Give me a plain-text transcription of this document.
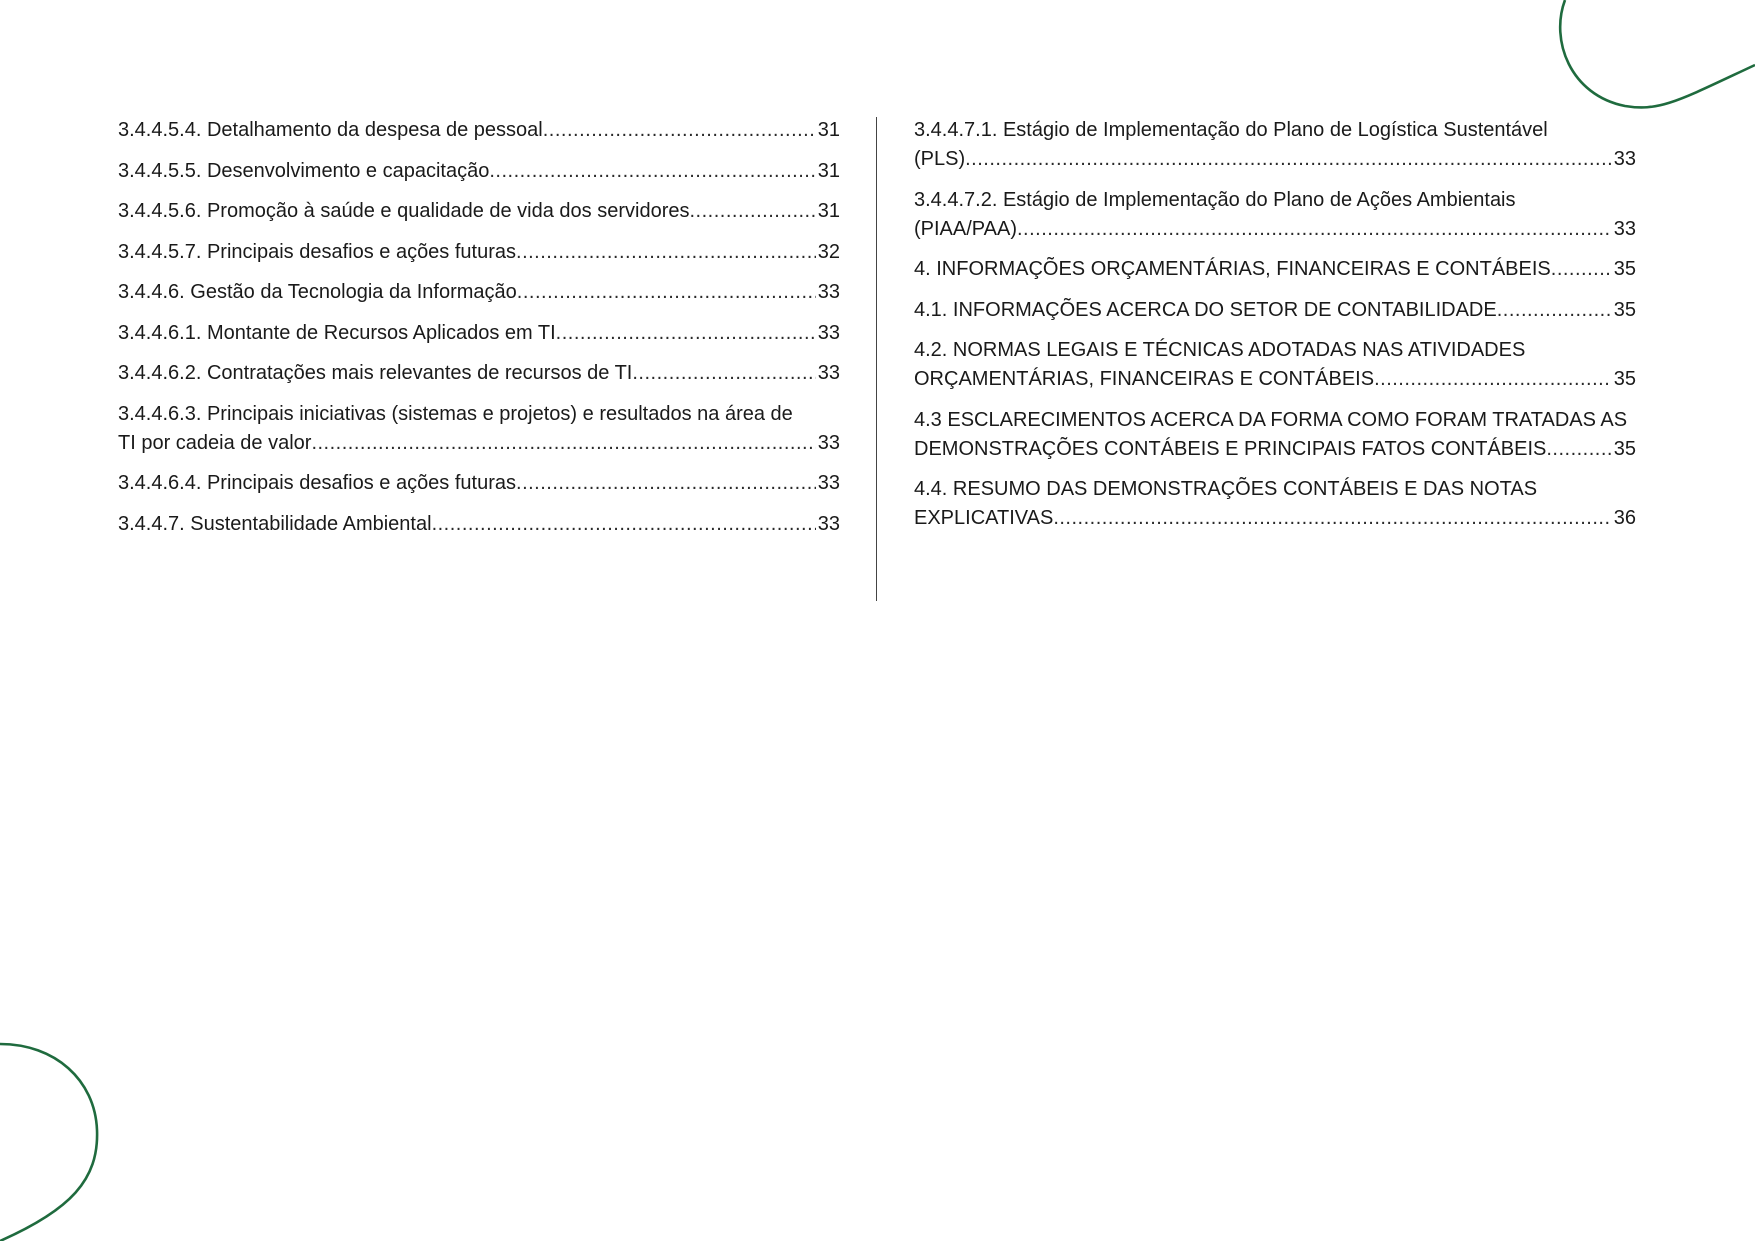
3.4.4.5.4. Detalhamento da despesa de pessoal .....	31
3.4.4.5.5. Desenvolvimento e capacitação .....	31
3.4.4.5.6. Promoção à saúde e qualidade de vida dos servidores .....	31
3.4.4.5.7. Principais desafios e ações futuras .....	32
3.4.4.6. Gestão da Tecnologia da Informação .....	33
3.4.4.6.1. Montante de Recursos Aplicados em TI .....	33
3.4.4.6.2. Contratações mais relevantes de recursos de TI .....	33
3.4.4.6.3. Principais iniciativas (sistemas e projetos) e resultados na área de
TI por cadeia de valor .....	33
3.4.4.6.4. Principais desafios e ações futuras .....	33
3.4.4.7. Sustentabilidade Ambiental .....	33
3.4.4.7.1. Estágio de Implementação do Plano de Logística Sustentável
(PLS) .....	33
3.4.4.7.2. Estágio de Implementação do Plano de Ações Ambientais
(PIAA/PAA) .....	33
4. INFORMAÇÕES ORÇAMENTÁRIAS, FINANCEIRAS E CONTÁBEIS .....	35
4.1. INFORMAÇÕES ACERCA DO SETOR DE CONTABILIDADE .....	35
4.2. NORMAS LEGAIS E TÉCNICAS ADOTADAS NAS ATIVIDADES
ORÇAMENTÁRIAS, FINANCEIRAS E CONTÁBEIS .....	35
4.3 ESCLARECIMENTOS ACERCA DA FORMA COMO FORAM TRATADAS AS
DEMONSTRAÇÕES CONTÁBEIS E PRINCIPAIS FATOS CONTÁBEIS .....	35
4.4. RESUMO DAS DEMONSTRAÇÕES CONTÁBEIS E DAS NOTAS
EXPLICATIVAS .....	36
